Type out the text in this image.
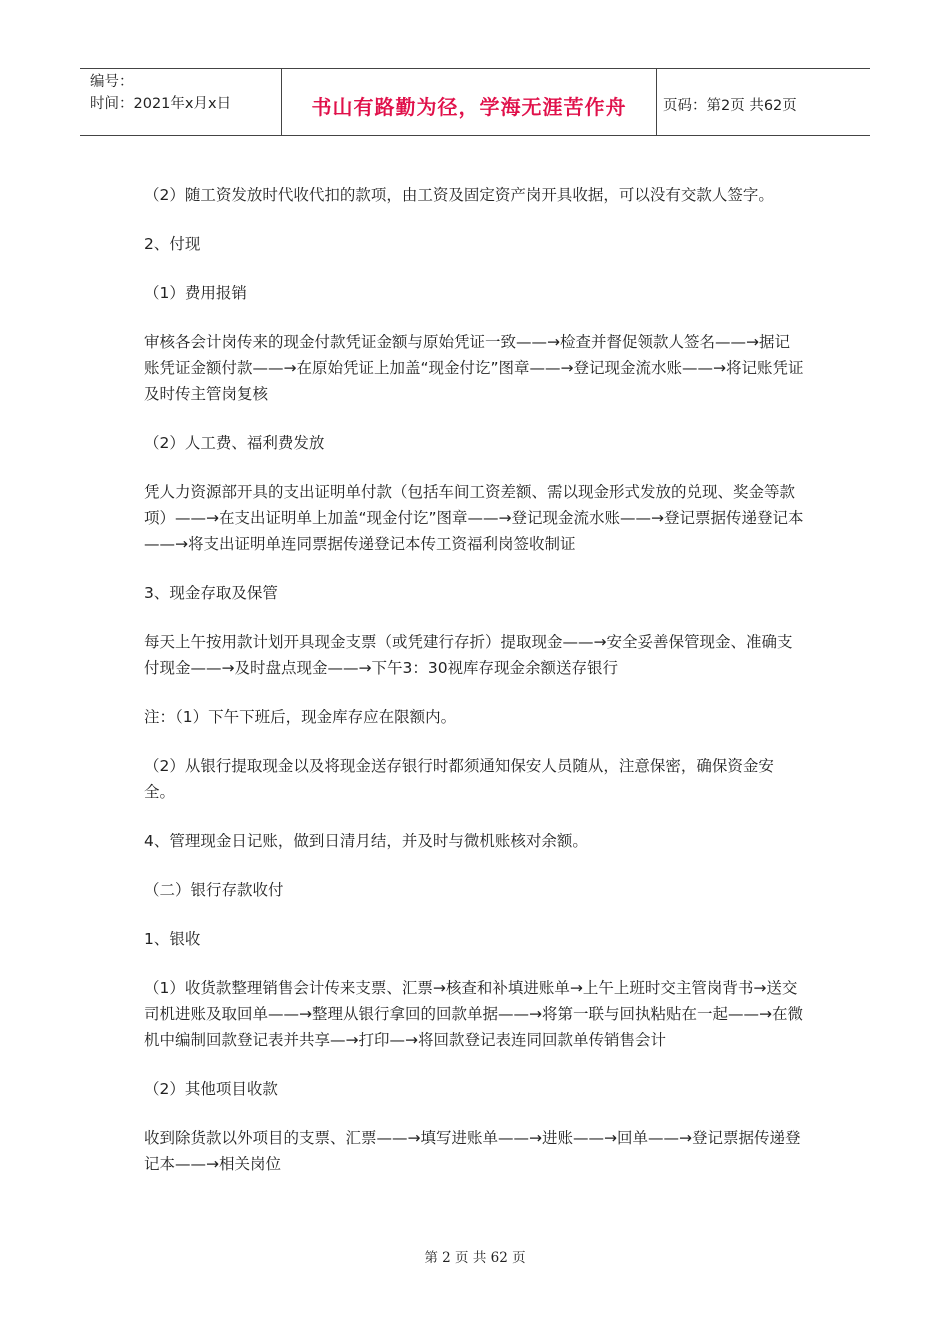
编号：
时间：2021年x月x日	书山有路勤为径，学海无涯苦作舟	页码：第2页 共62页

（2）随工资发放时代收代扣的款项，由工资及固定资产岗开具收据，可以没有交款人签字。

2、付现

（1）费用报销

审核各会计岗传来的现金付款凭证金额与原始凭证一致——→检查并督促领款人签名——→据记账凭证金额付款——→在原始凭证上加盖“现金付讫”图章——→登记现金流水账——→将记账凭证及时传主管岗复核

（2）人工费、福利费发放

凭人力资源部开具的支出证明单付款（包括车间工资差额、需以现金形式发放的兑现、奖金等款项）——→在支出证明单上加盖“现金付讫”图章——→登记现金流水账——→登记票据传递登记本——→将支出证明单连同票据传递登记本传工资福利岗签收制证

3、现金存取及保管

每天上午按用款计划开具现金支票（或凭建行存折）提取现金——→安全妥善保管现金、准确支付现金——→及时盘点现金——→下午3：30视库存现金余额送存银行

注：（1）下午下班后，现金库存应在限额内。

（2）从银行提取现金以及将现金送存银行时都须通知保安人员随从，注意保密，确保资金安全。

4、管理现金日记账，做到日清月结，并及时与微机账核对余额。

（二）银行存款收付

1、银收

（1）收货款整理销售会计传来支票、汇票→核查和补填进账单→上午上班时交主管岗背书→送交司机进账及取回单——→整理从银行拿回的回款单据——→将第一联与回执粘贴在一起——→在微机中编制回款登记表并共享—→打印—→将回款登记表连同回款单传销售会计

（2）其他项目收款

收到除货款以外项目的支票、汇票——→填写进账单——→进账——→回单——→登记票据传递登记本——→相关岗位

第 2 页 共 62 页
